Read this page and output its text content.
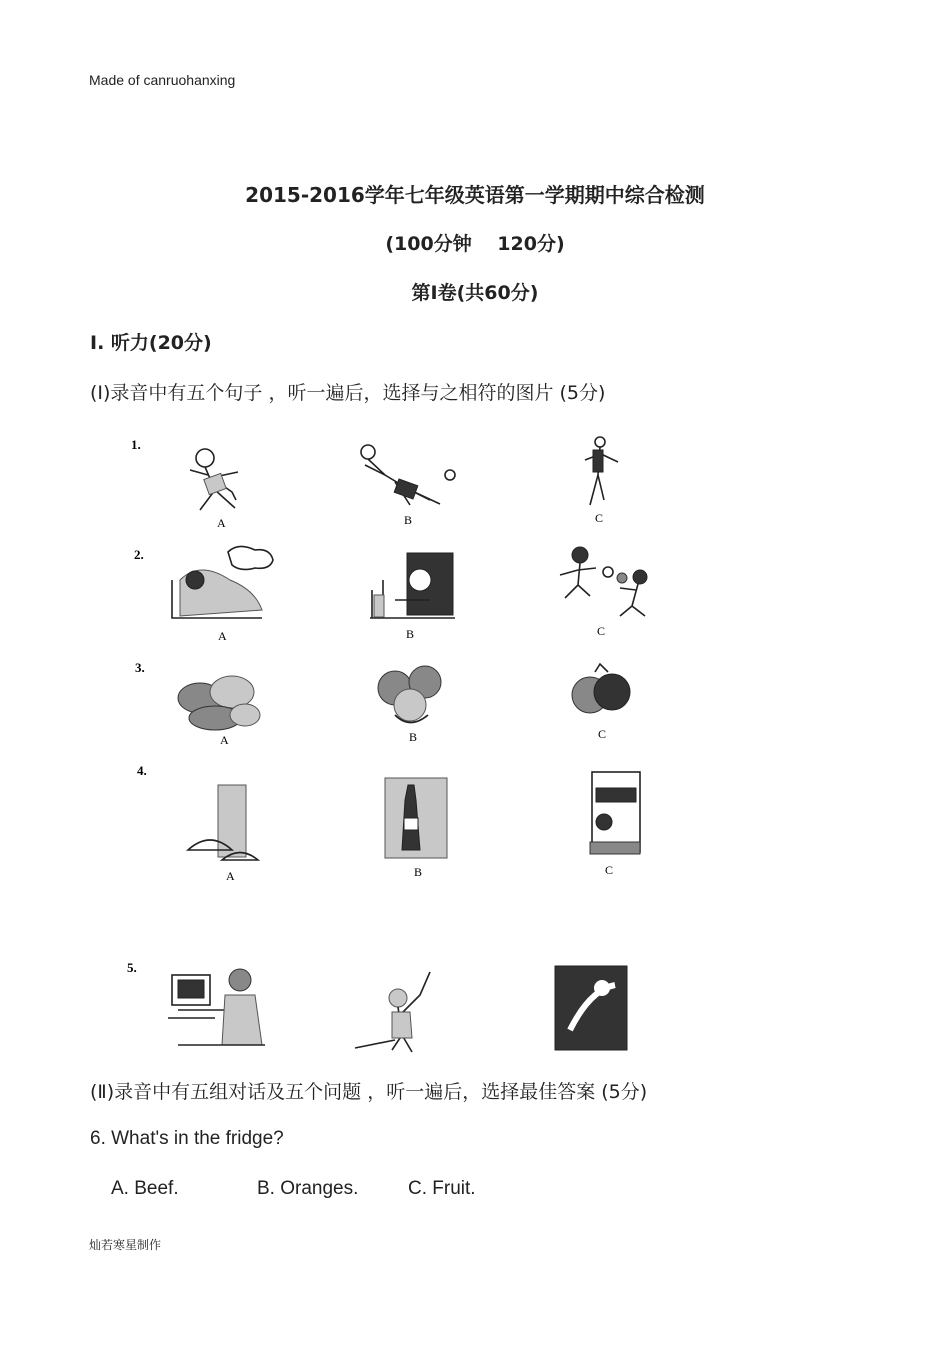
Made of canruohanxing
2015-2016学年七年级英语第一学期期中综合检测
(100分钟　 120分)
第Ⅰ卷(共60分)
Ⅰ. 听力(20分)
(Ⅰ)录音中有五个句子 ，听一遍后，选择与之相符的图片 (5分)
1.
A	B	C
2.
A	B	C
3.
A	B	C
4.
A	B	C
5.
(Ⅱ)录音中有五组对话及五个问题 ，听一遍后，选择最佳答案 (5分)
6. What's in the fridge?
A. Beef.	B. Oranges.	C. Fruit.
灿若寒星制作
